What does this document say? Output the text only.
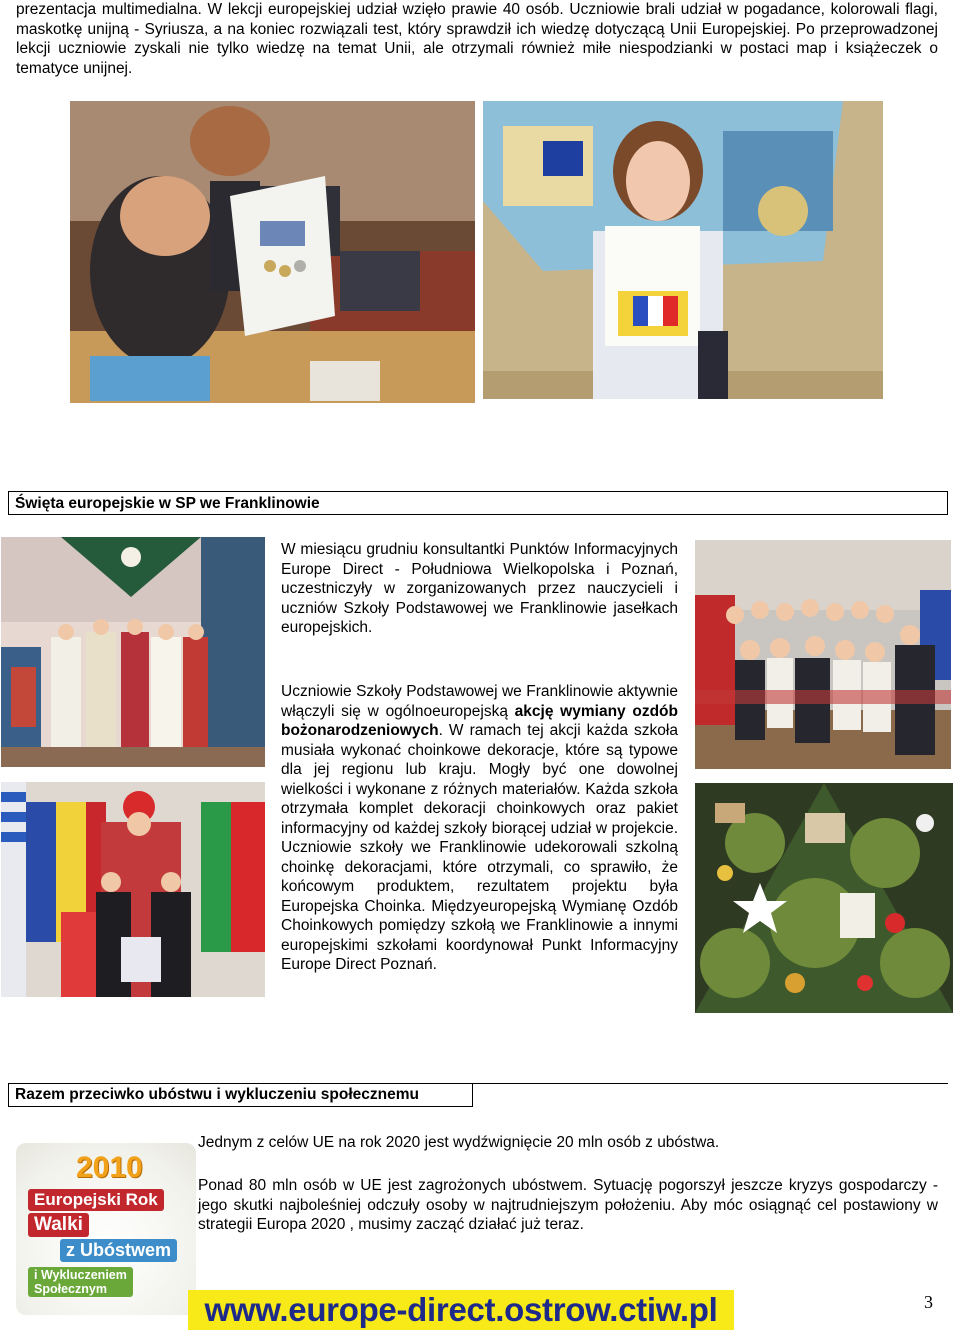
prezentacja multimedialna. W lekcji europejskiej udział wzięło prawie 40 osób. Uczniowie brali udział w pogadance, kolorowali flagi, maskotkę unijną - Syriusza, a na koniec rozwiązali test, który sprawdził ich wiedzę dotyczącą Unii Europejskiej. Po przeprowadzonej lekcji uczniowie zyskali nie tylko wiedzę na temat Unii, ale otrzymali również miłe niespodzianki w postaci map i książeczek o tematyce unijnej.

Święta europejskie w SP we Franklinowie

W miesiącu grudniu konsultantki Punktów Informacyjnych Europe Direct - Południowa Wielkopolska i Poznań, uczestniczyły w zorganizowanych przez nauczycieli i uczniów Szkoły Podstawowej we Franklinowie jasełkach europejskich.

Uczniowie Szkoły Podstawowej we Franklinowie aktywnie włączyli się w ogólnoeuropejską akcję wymiany ozdób bożonarodzeniowych. W ramach tej akcji każda szkoła musiała wykonać choinkowe dekoracje, które są typowe dla jej regionu lub kraju. Mogły być one dowolnej wielkości i wykonane z różnych materiałów. Każda szkoła otrzymała komplet dekoracji choinkowych oraz pakiet informacyjny od każdej szkoły biorącej udział w projekcie. Uczniowie szkoły we Franklinowie udekorowali szkolną choinkę dekoracjami, które otrzymali, co sprawiło, że końcowym produktem, rezultatem projektu była Europejska Choinka. Międzyeuropejską Wymianę Ozdób Choinkowych pomiędzy szkołą we Franklinowie a innymi europejskimi szkołami koordynował Punkt Informacyjny Europe Direct Poznań.

Razem przeciwko ubóstwu i wykluczeniu społecznemu
2010
Europejski Rok
Walki
z Ubóstwem
i Wykluczeniem
Społecznym

Jednym z celów UE na rok 2020 jest wydźwignięcie 20 mln osób z ubóstwa.

Ponad 80 mln osób w UE jest zagrożonych ubóstwem. Sytuację pogorszył jeszcze kryzys gospodarczy - jego skutki najboleśniej odczuły osoby w najtrudniejszym położeniu. Aby móc osiągnąć cel postawiony w strategii Europa 2020 , musimy zacząć działać już teraz.

www.europe-direct.ostrow.ctiw.pl	3
